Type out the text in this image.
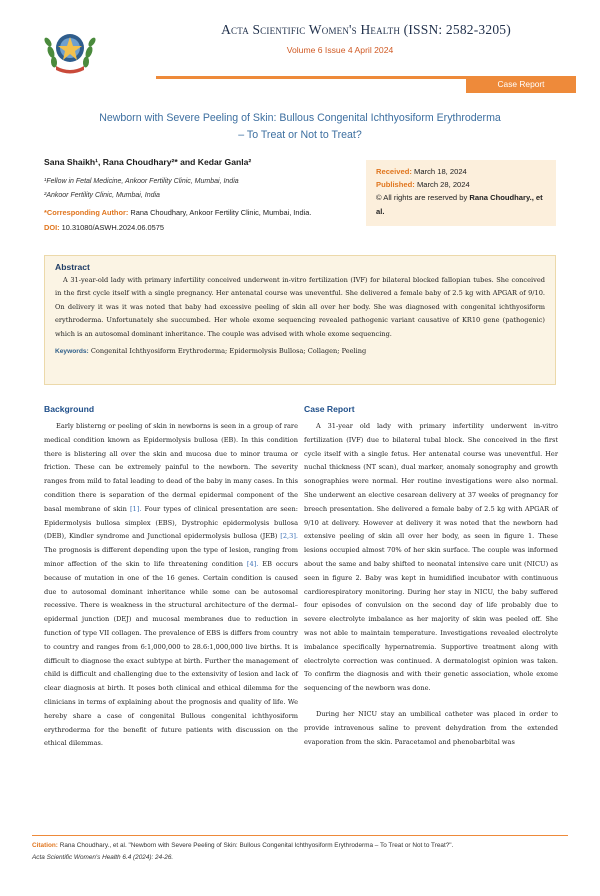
Acta Scientific Women's Health (ISSN: 2582-3205)
Volume 6 Issue 4 April 2024
Case Report
Newborn with Severe Peeling of Skin: Bullous Congenital Ichthyosiform Erythroderma
– To Treat or Not to Treat?
Sana Shaikh¹, Rana Choudhary²* and Kedar Ganla²
¹Fellow in Fetal Medicine, Ankoor Fertility Clinic, Mumbai, India
²Ankoor Fertility Clinic, Mumbai, India
*Corresponding Author: Rana Choudhary, Ankoor Fertility Clinic, Mumbai, India.
DOI: 10.31080/ASWH.2024.06.0575
Received: March 18, 2024
Published: March 28, 2024
© All rights are reserved by Rana Choudhary., et al.
Abstract
A 31-year-old lady with primary infertility conceived underwent in-vitro fertilization (IVF) for bilateral blocked fallopian tubes. She conceived in the first cycle itself with a single pregnancy. Her antenatal course was uneventful. She delivered a female baby of 2.5 kg with APGAR of 9/10. On delivery it was it was noted that baby had excessive peeling of skin all over her body. She was diagnosed with congenital ichthyosiform erythroderma. Unfortunately she succumbed. Her whole exome sequencing revealed pathogenic variant causative of KR10 gene (pathogenic) which is an autosomal dominant inheritance. The couple was advised with whole exome sequencing.
Keywords: Congenital Ichthyosiform Erythroderma; Epidermolysis Bullosa; Collagen; Peeling
Background

Early blisterng or peeling of skin in newborns is seen in a group of rare medical condition known as Epidermolysis bullosa (EB). In this condition there is blistering all over the skin and mucosa due to minor trauma or friction. These can be extremely painful to the newborn. The severity ranges from mild to fatal leading to dead of the baby in many cases. In this condition there is separation of the dermal epidermal component of the basal membrane of skin [1]. Four types of clinical presentation are seen: Epidermolysis bullosa simplex (EBS), Dystrophic epidermolysis bullosa (DEB), Kindler syndrome and Junctional epidermolysis bullosa (JEB) [2,3]. The prognosis is different depending upon the type of lesion, ranging from minor affection of the skin to life threatening condition [4]. EB occurs because of mutation in one of the 16 genes. Certain condition is caused due to autosomal dominant inheritance while some can be autosomal recessive. There is weakness in the structural architecture of the dermal–epidermal junction (DEJ) and mucosal membranes due to reduction in function of type VII collagen. The prevalence of EBS is differs from country to country and ranges from 6:1,000,000 to 28.6:1,000,000 live births. It is difficult to diagnose the exact subtype at birth. Further the management of child is difficult and challenging due to the extensivity of lesion and lack of clear diagnosis at birth. It poses both clinical and ethical dilemma for the clinicians in terms of explaining about the prognosis and quality of life. We hereby share a case of congenital Bullous congenital ichthyosiform erythroderma for the benefit of future patients with discussion on the ethical dilemmas.

Case Report

A 31-year old lady with primary infertility underwent in-vitro fertilization (IVF) due to bilateral tubal block. She conceived in the first cycle itself with a single fetus. Her antenatal course was uneventful. Her nuchal thickness (NT scan), dual marker, anomaly sonography and growth sonographies were normal. Her routine investigations were also normal. She underwent an elective cesarean delivery at 37 weeks of pregnancy for breech presentation. She delivered a female baby of 2.5 kg with APGAR of 9/10 at delivery. However at delivery it was noted that the newborn had extensive peeling of skin all over her body, as seen in figure 1. These lesions occupied almost 70% of her skin surface. The couple was informed about the same and baby shifted to neonatal intensive care unit (NICU) as seen in figure 2. Baby was kept in humidified incubator with continuous cardiorespiratory monitoring. During her stay in NICU, the baby suffered four episodes of convulsion on the second day of life probably due to severe electrolyte imbalance as her majority of skin was peeled off. She was not able to maintain temperature. Investigations revealed electrolyte imbalance specifically hypernatremia. Supportive treatment along with electrolyte correction was continued. A dermatologist opinion was taken. To confirm the diagnosis and with their genetic association, whole exome sequencing of the newborn was done.

During her NICU stay an umbilical catheter was placed in order to provide intravenous saline to prevent dehydration from the extended evaporation from the skin. Paracetamol and phenobarbital was

Citation: Rana Choudhary., et al. "Newborn with Severe Peeling of Skin: Bullous Congenital Ichthyosiform Erythroderma – To Treat or Not to Treat?".
Acta Scientific Women's Health 6.4 (2024): 24-26.
